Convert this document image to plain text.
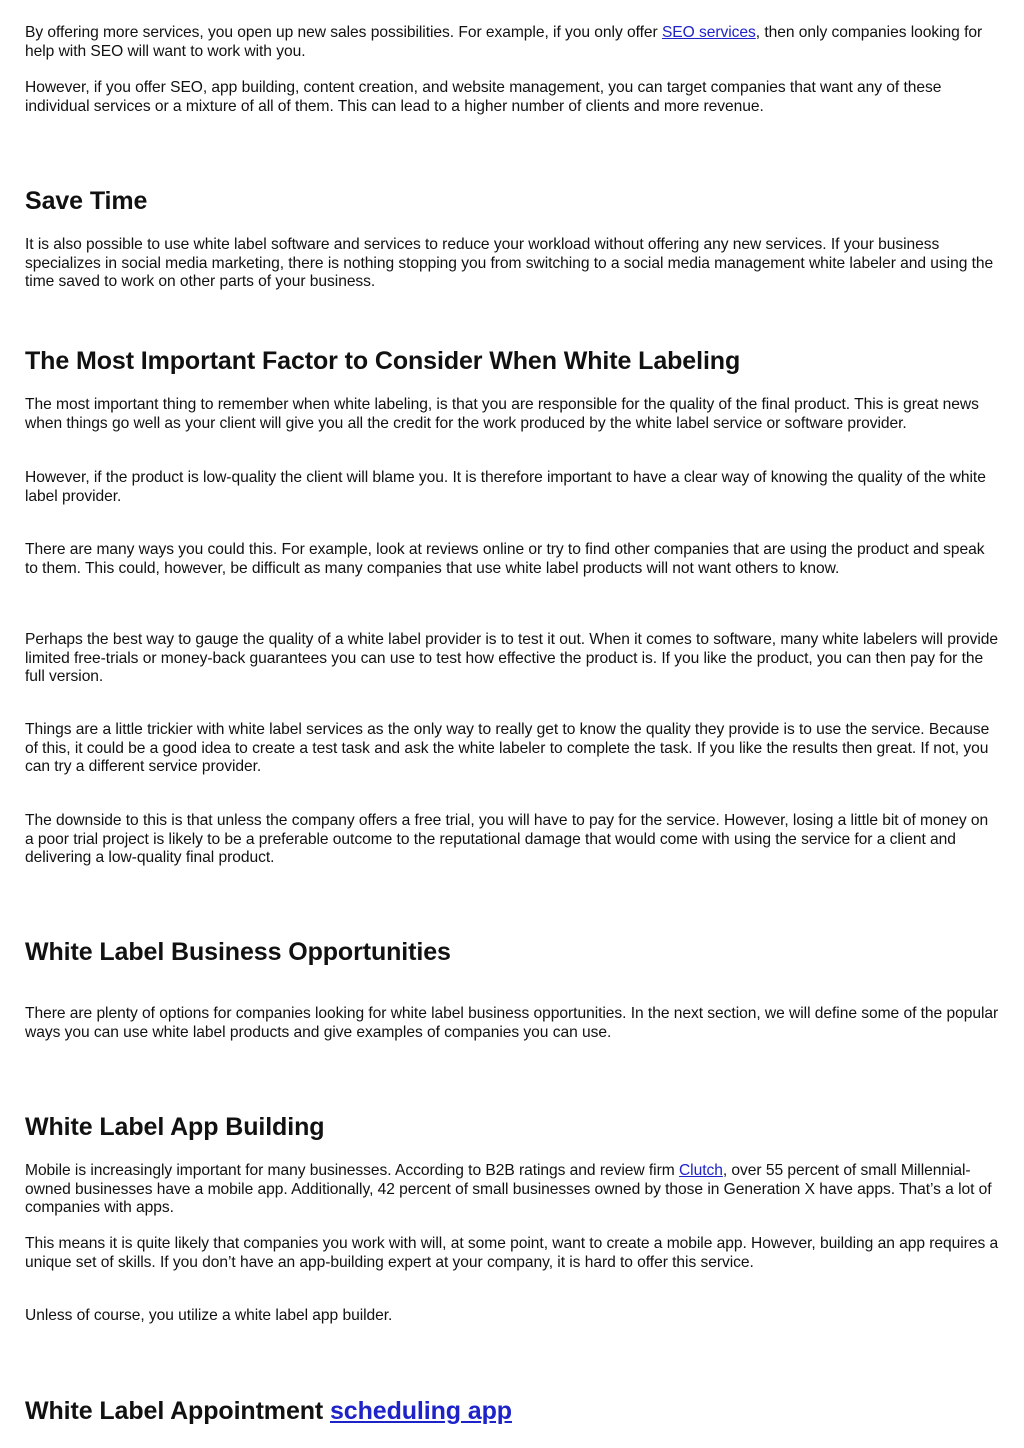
By offering more services, you open up new sales possibilities. For example, if you only offer SEO services, then only companies looking for help with SEO will want to work with you.

However, if you offer SEO, app building, content creation, and website management, you can target companies that want any of these individual services or a mixture of all of them. This can lead to a higher number of clients and more revenue.

Save Time

It is also possible to use white label software and services to reduce your workload without offering any new services. If your business specializes in social media marketing, there is nothing stopping you from switching to a social media management white labeler and using the time saved to work on other parts of your business.

The Most Important Factor to Consider When White Labeling

The most important thing to remember when white labeling, is that you are responsible for the quality of the final product. This is great news when things go well as your client will give you all the credit for the work produced by the white label service or software provider.

However, if the product is low-quality the client will blame you. It is therefore important to have a clear way of knowing the quality of the white label provider.

There are many ways you could this. For example, look at reviews online or try to find other companies that are using the product and speak to them. This could, however, be difficult as many companies that use white label products will not want others to know.

Perhaps the best way to gauge the quality of a white label provider is to test it out. When it comes to software, many white labelers will provide limited free-trials or money-back guarantees you can use to test how effective the product is. If you like the product, you can then pay for the full version.

Things are a little trickier with white label services as the only way to really get to know the quality they provide is to use the service. Because of this, it could be a good idea to create a test task and ask the white labeler to complete the task. If you like the results then great. If not, you can try a different service provider.

The downside to this is that unless the company offers a free trial, you will have to pay for the service. However, losing a little bit of money on a poor trial project is likely to be a preferable outcome to the reputational damage that would come with using the service for a client and delivering a low-quality final product.

White Label Business Opportunities

There are plenty of options for companies looking for white label business opportunities. In the next section, we will define some of the popular ways you can use white label products and give examples of companies you can use.

White Label App Building

Mobile is increasingly important for many businesses. According to B2B ratings and review firm Clutch, over 55 percent of small Millennial-owned businesses have a mobile app. Additionally, 42 percent of small businesses owned by those in Generation X have apps. That’s a lot of companies with apps.

This means it is quite likely that companies you work with will, at some point, want to create a mobile app. However, building an app requires a unique set of skills. If you don’t have an app-building expert at your company, it is hard to offer this service.

Unless of course, you utilize a white label app builder.

White Label Appointment scheduling app
